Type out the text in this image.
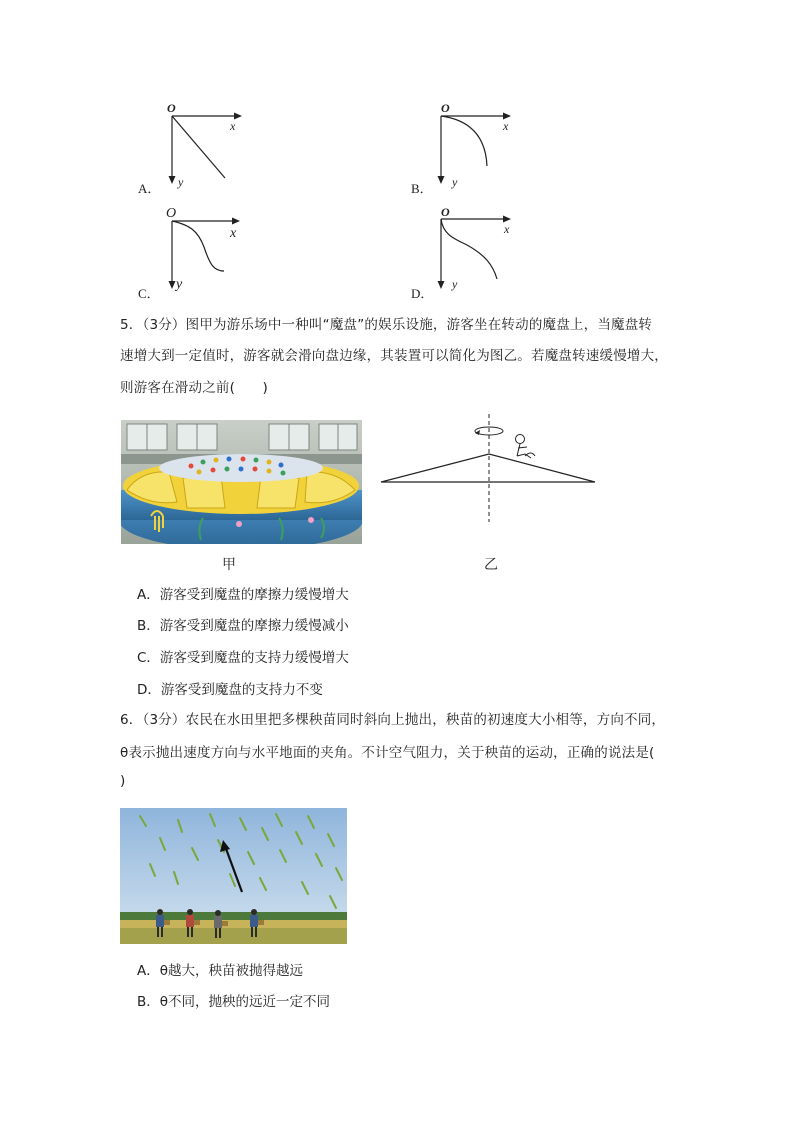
O
x
y
A．
O
x
y
B．
O
x
y
C．
O
x
y
D．
5．（3分）图甲为游乐场中一种叫“魔盘”的娱乐设施，游客坐在转动的魔盘上，当魔盘转
速增大到一定值时，游客就会滑向盘边缘，其装置可以简化为图乙。若魔盘转速缓慢增大，
则游客在滑动之前(　　)
甲	乙
A．游客受到魔盘的摩擦力缓慢增大
B．游客受到魔盘的摩擦力缓慢减小
C．游客受到魔盘的支持力缓慢增大
D．游客受到魔盘的支持力不变
6．（3分）农民在水田里把多棵秧苗同时斜向上抛出，秧苗的初速度大小相等，方向不同，
θ表示抛出速度方向与水平地面的夹角。不计空气阻力，关于秧苗的运动，正确的说法是(
)
A．θ越大，秧苗被抛得越远
B．θ不同，抛秧的远近一定不同
